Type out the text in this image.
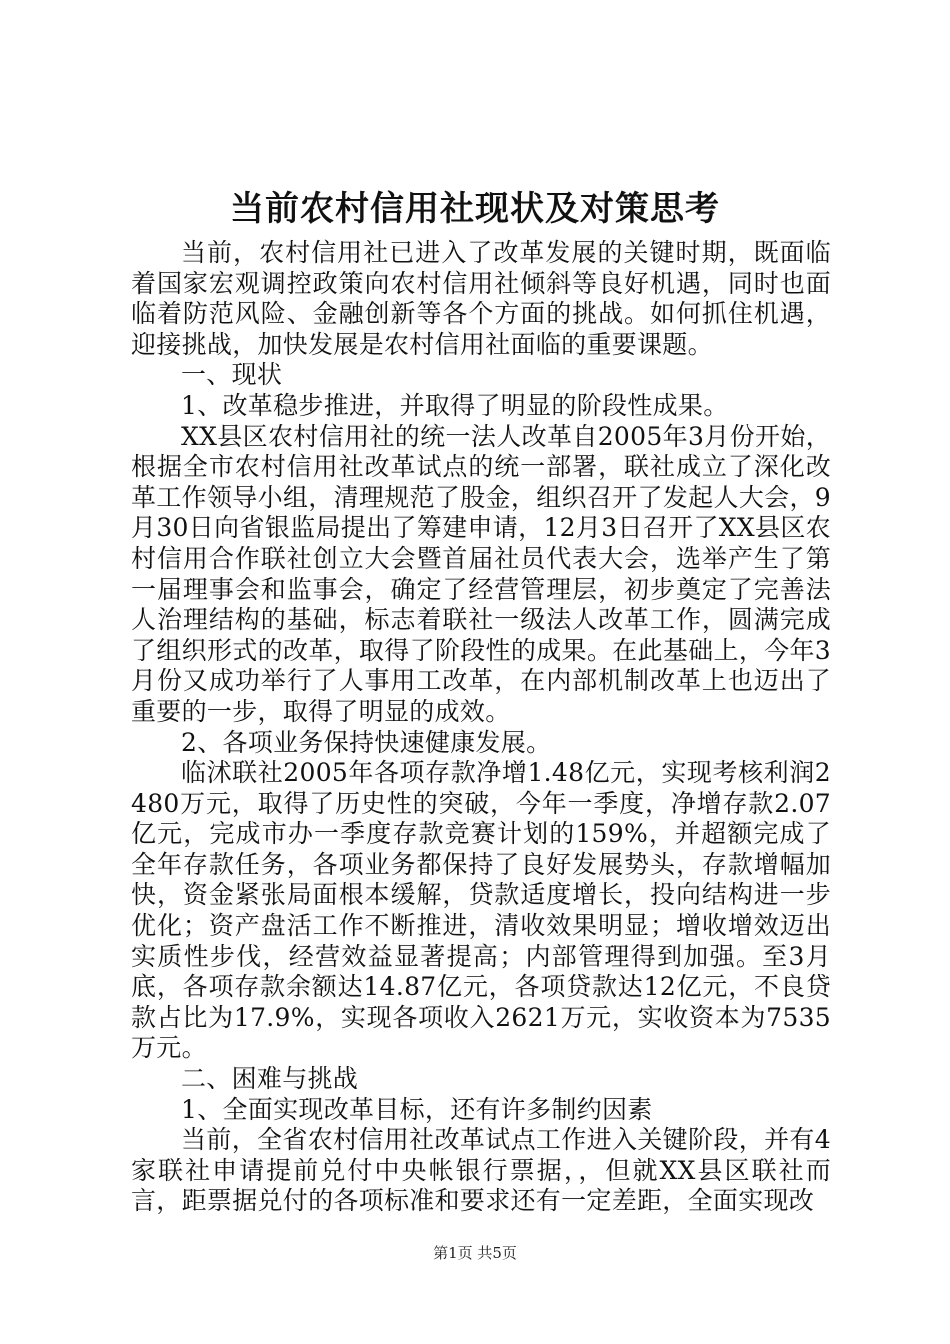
当前农村信用社现状及对策思考

当前，农村信用社已进入了改革发展的关键时期，既面临着国家宏观调控政策向农村信用社倾斜等良好机遇，同时也面临着防范风险、金融创新等各个方面的挑战。如何抓住机遇，迎接挑战，加快发展是农村信用社面临的重要课题。

一、现状

1、改革稳步推进，并取得了明显的阶段性成果。

XX县区农村信用社的统一法人改革自2005年3月份开始，根据全市农村信用社改革试点的统一部署，联社成立了深化改革工作领导小组，清理规范了股金，组织召开了发起人大会，9月30日向省银监局提出了筹建申请，12月3日召开了XX县区农村信用合作联社创立大会暨首届社员代表大会，选举产生了第一届理事会和监事会，确定了经营管理层，初步奠定了完善法人治理结构的基础，标志着联社一级法人改革工作，圆满完成了组织形式的改革，取得了阶段性的成果。在此基础上，今年3月份又成功举行了人事用工改革，在内部机制改革上也迈出了重要的一步，取得了明显的成效。

2、各项业务保持快速健康发展。

临沭联社2005年各项存款净增1.48亿元，实现考核利润2480万元，取得了历史性的突破，今年一季度，净增存款2.07亿元，完成市办一季度存款竞赛计划的159%，并超额完成了全年存款任务，各项业务都保持了良好发展势头，存款增幅加快，资金紧张局面根本缓解，贷款适度增长，投向结构进一步优化；资产盘活工作不断推进，清收效果明显；增收增效迈出实质性步伐，经营效益显著提高；内部管理得到加强。至3月底，各项存款余额达14.87亿元，各项贷款达12亿元，不良贷款占比为17.9%，实现各项收入2621万元，实收资本为7535万元。

二、困难与挑战

1、全面实现改革目标，还有许多制约因素

当前，全省农村信用社改革试点工作进入关键阶段，并有4家联社申请提前兑付中央帐银行票据，，但就XX县区联社而言，距票据兑付的各项标准和要求还有一定差距，全面实现改

第1页 共5页
